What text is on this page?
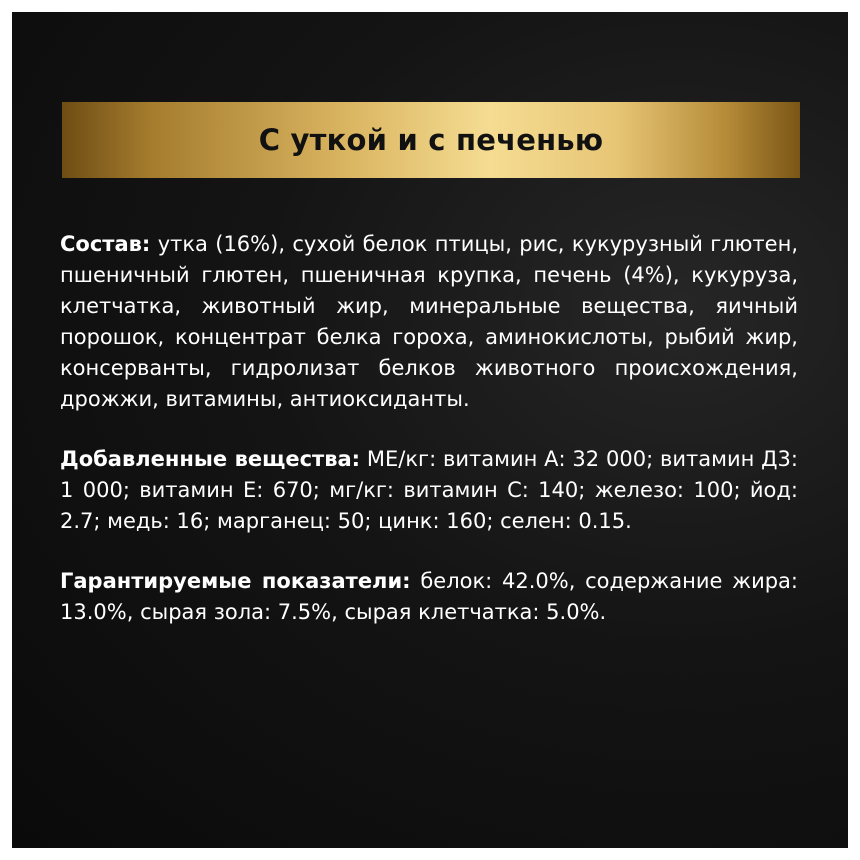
С уткой и с печенью

Состав: утка (16%), сухой белок птицы, рис, кукурузный глютен, пшеничный глютен, пшеничная крупка, печень (4%), кукуруза, клетчатка, животный жир, минеральные вещества, яичный порошок, концентрат белка гороха, аминокислоты, рыбий жир, консерванты, гидролизат белков животного происхождения, дрожжи, витамины, антиоксиданты.

Добавленные вещества: МЕ/кг: витамин А: 32 000; витамин Д3: 1 000; витамин Е: 670; мг/кг: витамин С: 140; железо: 100; йод: 2.7; медь: 16; марганец: 50; цинк: 160; селен: 0.15.

Гарантируемые показатели: белок: 42.0%, содержание жира: 13.0%, сырая зола: 7.5%, сырая клетчатка: 5.0%.
